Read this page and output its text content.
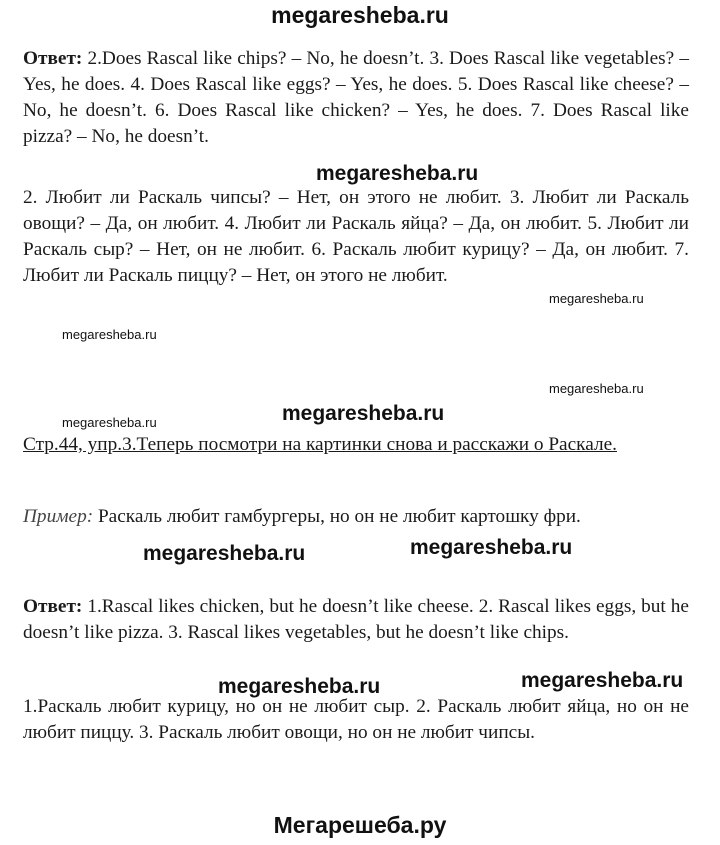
megaresheba.ru

Ответ: 2.Does Rascal like chips? – No, he doesn’t. 3. Does Rascal like vegetables? – Yes, he does. 4. Does Rascal like eggs? – Yes, he does. 5. Does Rascal like cheese? – No, he doesn’t. 6. Does Rascal like chicken? – Yes, he does. 7. Does Rascal like pizza? – No, he doesn’t.

2. Любит ли Раскаль чипсы? – Нет, он этого не любит. 3. Любит ли Раскаль овощи? – Да, он любит. 4. Любит ли Раскаль яйца? – Да, он любит. 5. Любит ли Раскаль сыр? – Нет, он не любит. 6. Раскаль любит курицу? – Да, он любит. 7. Любит ли Раскаль пиццу? – Нет, он этого не любит.

Стр.44, упр.3.Теперь посмотри на картинки снова и расскажи о Раскале.

Пример: Раскаль любит гамбургеры, но он не любит картошку фри.

Ответ: 1.Rascal likes chicken, but he doesn’t like cheese. 2. Rascal likes eggs, but he doesn’t like pizza. 3. Rascal likes vegetables, but he doesn’t like chips.

1.Раскаль любит курицу, но он не любит сыр. 2. Раскаль любит яйца, но он не любит пиццу. 3. Раскаль любит овощи, но он не любит чипсы.

megaresheba.ru
megaresheba.ru
megaresheba.ru
megaresheba.ru
megaresheba.ru	megaresheba.ru
megaresheba.ru	megaresheba.ru
megaresheba.ru	megaresheba.ru
Мегарешеба.ру
